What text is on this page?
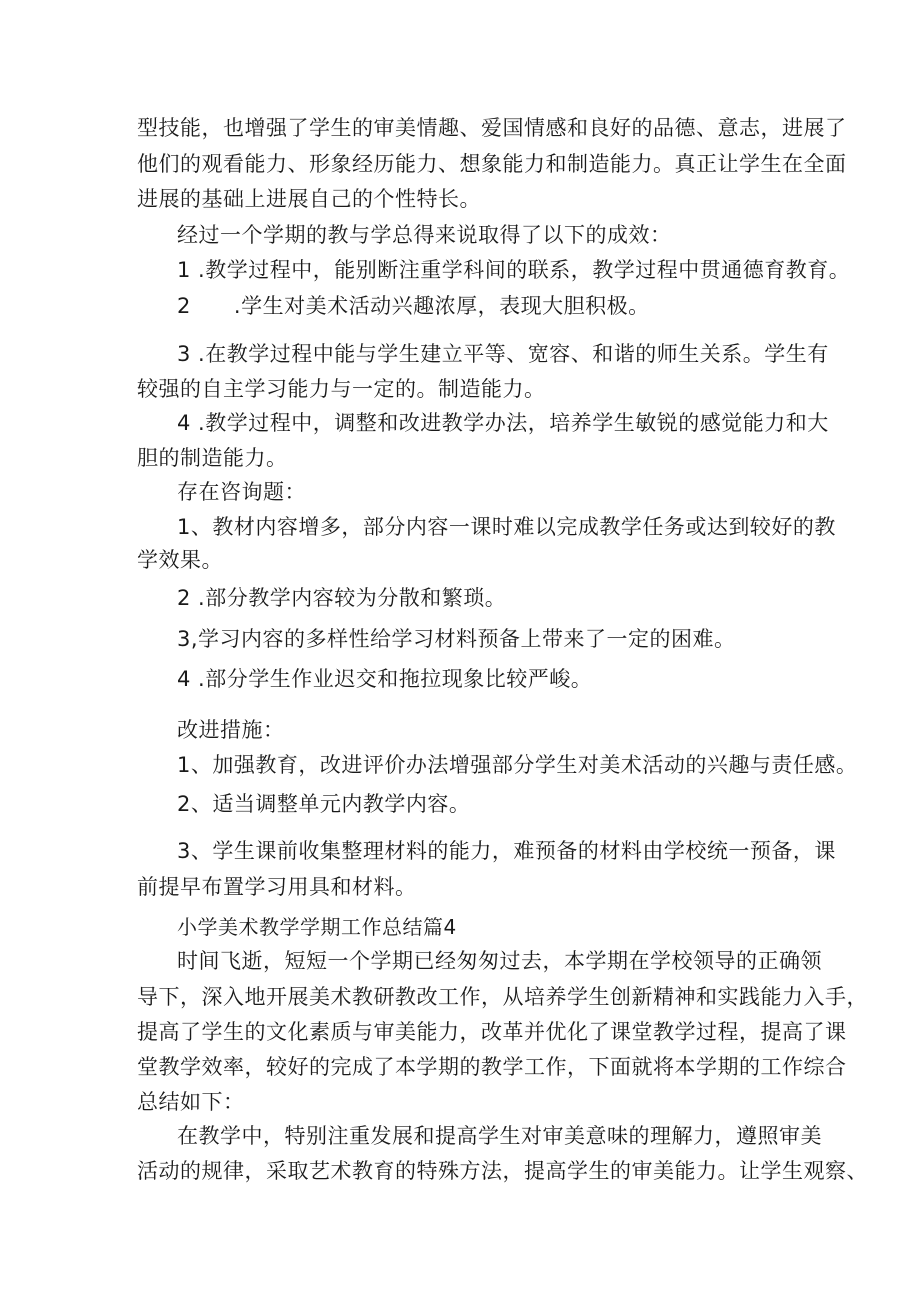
型技能，也增强了学生的审美情趣、爱国情感和良好的品德、意志，进展了
他们的观看能力、形象经历能力、想象能力和制造能力。真正让学生在全面
进展的基础上进展自己的个性特长。
经过一个学期的教与学总得来说取得了以下的成效：
1 .教学过程中，能别断注重学科间的联系，教学过程中贯通德育教育。
2      .学生对美术活动兴趣浓厚，表现大胆积极。
3 .在教学过程中能与学生建立平等、宽容、和谐的师生关系。学生有
较强的自主学习能力与一定的。制造能力。
4 .教学过程中，调整和改进教学办法，培养学生敏锐的感觉能力和大
胆的制造能力。
存在咨询题：
1、教材内容增多，部分内容一课时难以完成教学任务或达到较好的教
学效果。
2 .部分教学内容较为分散和繁琐。
3,学习内容的多样性给学习材料预备上带来了一定的困难。
4 .部分学生作业迟交和拖拉现象比较严峻。
改进措施：
1、加强教育，改进评价办法增强部分学生对美术活动的兴趣与责任感。
2、适当调整单元内教学内容。
3、学生课前收集整理材料的能力，难预备的材料由学校统一预备，课
前提早布置学习用具和材料。
小学美术教学学期工作总结篇4
时间飞逝，短短一个学期已经匆匆过去，本学期在学校领导的正确领
导下，深入地开展美术教研教改工作，从培养学生创新精神和实践能力入手，
提高了学生的文化素质与审美能力，改革并优化了课堂教学过程，提高了课
堂教学效率，较好的完成了本学期的教学工作，下面就将本学期的工作综合
总结如下：
在教学中，特别注重发展和提高学生对审美意味的理解力，遵照审美
活动的规律，采取艺术教育的特殊方法，提高学生的审美能力。让学生观察、
